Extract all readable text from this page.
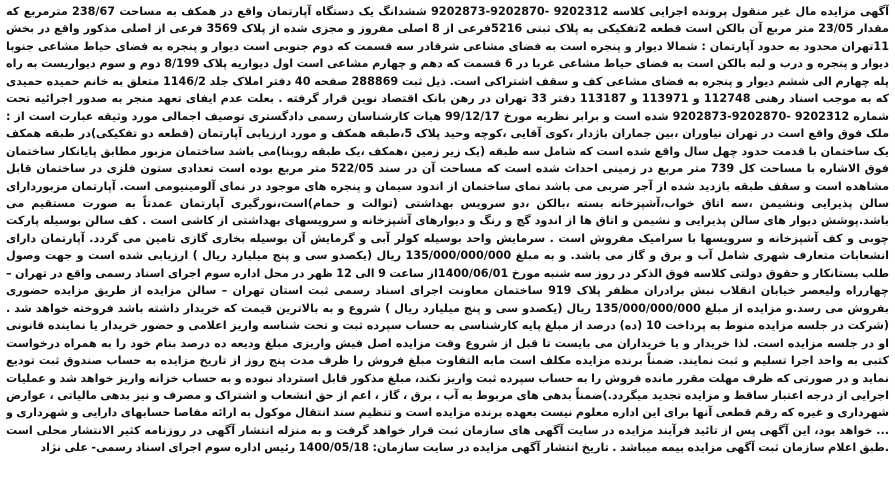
آگهی مزایده مال غیر منقول پرونده اجرایی کلاسه 9202312 -9202870-9202873 ششدانگ یک دستگاه آپارتمان واقع در همکف به مساحت 238/67 مترمربع که مقدار 23/05 متر مربع آن بالکن است قطعه 2تفکیکی به پلاک ثبتی 5216فرعی از 8 اصلی مفروز و مجزی شده از پلاک 3569 فرعی از اصلی مذکور واقع در بخش 11تهران محدود به حدود آپارتمان : شمالا دیوار و پنجره است به فضای مشاعی شرقادر سه قسمت که دوم جنوبی است دیوار و پنجره به فضای حیاط مشاعی جنوبا دیوار و پنجره و درب و لبه بالکن است به فضای حیاط مشاعی غربا در 6 قسمت که دهم و چهارم مشاعی است اول دیواریه پلاک 8/199 دوم و سوم دیواریست به راه پله چهارم الی ششم دیوار و پنجره به فضای مشاعی کف و سقف اشتراکی است. ذیل ثبت 288869 صفحه 40 دفتر املاک جلد 1146/2 متعلق به خانم حمیده حمیدی که به موجب اسناد رهنی 112748 و 113971 و 113187 دفتر 33 تهران در رهن بانک اقتصاد نوین قرار گرفته . بعلت عدم ایفای تعهد منجر به صدور اجرائیه تحت شماره 9202312 -9202870-9202873 شده است و برابر نظریه مورخ 99/12/17 هیات کارشناسان رسمی دادگستری توصیف اجمالی مورد وثیقه عبارت است از : ملک فوق واقع است در تهران نیاوران ،بین جماران باژدار ،کوی آقایی ،کوچه وحید پلاک 5،طبقه همکف و مورد ارزیابی آپارتمان (قطعه دو تفکیکی)در طبقه همکف یک ساختمان با قدمت حدود چهل سال واقع شده است که شامل سه طبقه (یک زیر زمین ،همکف ،یک طبقه روبنا)می باشد ساختمان مزبور مطابق پایانکار ساختمان فوق الاشاره با مساحت کل 739 متر مربع در زمینی احداث شده است که مساحت آن در سند 522/05 متر مربع بوده است تعدادی ستون فلزی در ساختمان قابل مشاهده است و سقف طبقه بازدید شده از آجر ضربی می باشد نمای ساختمان از اندود سیمان و پنجره های موجود در نمای آلومینیومی است. آپارتمان مزبوردارای سالن پذیرایی ونشیمن ،سه اتاق خواب،آشپزخانه بسته ،بالکن ،دو سرویس بهداشتی (توالت و حمام)است،نورگیری آپارتمان عمدتاً به صورت مستقیم می باشد.پوشش دیوار های سالن پذیرایی و نشیمن و اتاق ها از اندود گچ و رنگ و دیوارهای آشپزخانه و سرویسهای بهداشتی از کاشی است . کف سالن بوسیله پارکت چوبی و کف آشپزخانه و سرویسها با سرامیک مفروش است . سرمایش واحد بوسیله کولر آبی و گرمایش آن بوسیله بخاری گازی تامین می گردد. آپارتمان دارای انشعابات متعارف شهری شامل آب و برق و گاز می باشد. و به مبلغ 135/000/000/000 ریال (یکصدو سی و پنج میلیارد ریال ) ارزیابی شده است و جهت وصول طلب بستانکار و حقوق دولتی کلاسه فوق الذکر در روز سه شنبه مورخ 1400/06/01از ساعت 9 الی 12 ظهر در محل اداره سوم اجرای اسناد رسمی واقع در تهران – چهارراه ولیعصر خیابان انقلاب نبش برادران مظفر پلاک 919 ساختمان معاونت اجرای اسناد رسمی ثبت استان تهران – سالن مزایده از طریق مزایده حضوری بفروش می رسد.و مزایده از مبلغ 135/000/000/000 ریال (یکصدو سی و پنج میلیارد ریال ) شروع و به بالاترین قیمت که خریدار داشته باشد فروخته خواهد شد . (شرکت در جلسه مزایده منوط به پرداخت 10 (ده) درصد از مبلغ پایه کارشناسی به حساب سپرده ثبت و تحت شناسه واریز اعلامی و حضور خریدار یا نماینده قانونی او در جلسه مزایده است. لذا خریدار و یا خریداران می بایست تا قبل از شروع وقت مزایده اصل فیش واریزی مبلغ ودیعه ده درصد بنام خود را به همراه درخواست کتبی به واحد اجرا تسلیم و ثبت نمایند. ضمناً برنده مزایده مکلف است مابه التفاوت مبلغ فروش را ظرف مدت پنج روز از تاریخ مزایده به حساب صندوق ثبت تودیع نماید و در صورتی که ظرف مهلت مقرر مانده فروش را به حساب سپرده ثبت واریز نکند، مبلغ مذکور قابل استرداد نبوده و به حساب خزانه واریز خواهد شد و عملیات اجرایی از درجه اعتبار ساقط و مزایده تجدید میگردد.)ضمناً بدهی های مربوط به آب ، برق ، گاز ، اعم از حق انشعاب و اشتراک و مصرف و نیز بدهی مالیاتی ، عوارض شهرداری و غیره که رقم قطعی آنها برای این اداره معلوم نیست بعهده برنده مزایده است و تنظیم سند انتقال موکول به ارائه مفاصا حسابهای دارایی و شهرداری و ... خواهد بود، این آگهی پس از تائید فرآیند مزایده در سایت آگهی های سازمان ثبت قرار خواهد گرفت و به منزله انتشار آگهی در روزنامه کثیر الانتشار محلی است .طبق اعلام سازمان ثبت آگهی مزایده بیمه میباشد . تاریخ انتشار آگهی مزایده در سایت سازمان: 1400/05/18 رئیس اداره سوم اجرای اسناد رسمی- علی نژاد
